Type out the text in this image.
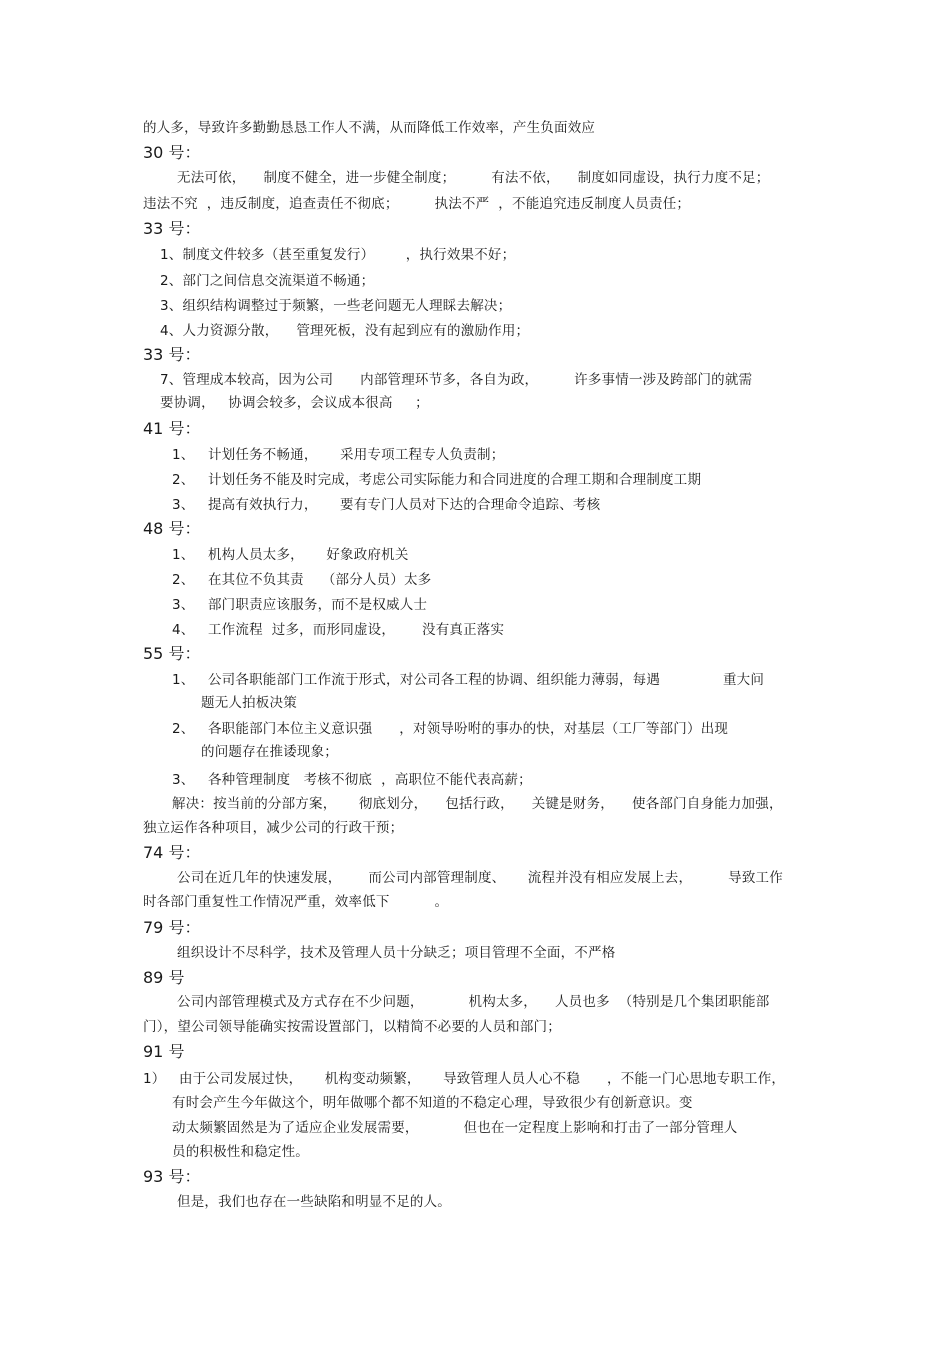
的人多，导致许多勤勤恳恳工作人不满，从而降低工作效率，产生负面效应
30 号：
无法可依，    制度不健全，进一步健全制度；        有法不依，    制度如同虚设，执行力度不足；
违法不究  ，违反制度，追查责任不彻底；        执法不严  ，不能追究违反制度人员责任；
33 号：
1、制度文件较多（甚至重复发行）       ，执行效果不好；
2、部门之间信息交流渠道不畅通；
3、组织结构调整过于频繁，一些老问题无人理睬去解决；
4、人力资源分散，    管理死板，没有起到应有的激励作用；
33 号：
7、管理成本较高，因为公司      内部管理环节多，各自为政，        许多事情一涉及跨部门的就需
要协调，   协调会较多，会议成本很高     ；
41 号：
1、   计划任务不畅通，     采用专项工程专人负责制；
2、   计划任务不能及时完成，考虑公司实际能力和合同进度的合理工期和合理制度工期
3、   提高有效执行力，     要有专门人员对下达的合理命令追踪、考核
48 号：
1、   机构人员太多，     好象政府机关
2、   在其位不负其责    （部分人员）太多
3、   部门职责应该服务，而不是权威人士
4、   工作流程  过多，而形同虚设，      没有真正落实
55 号：
1、   公司各职能部门工作流于形式，对公司各工程的协调、组织能力薄弱，每遇              重大问
题无人拍板决策
2、   各职能部门本位主义意识强      ，对领导吩咐的事办的快，对基层（工厂等部门）出现
的问题存在推诿现象；
3、   各种管理制度   考核不彻底  ，高职位不能代表高薪；
解决：按当前的分部方案，     彻底划分，    包括行政，    关键是财务，    使各部门自身能力加强，
独立运作各种项目，减少公司的行政干预；
74 号：
公司在近几年的快速发展，      而公司内部管理制度、     流程并没有相应发展上去，        导致工作
时各部门重复性工作情况严重，效率低下          。
79 号：
组织设计不尽科学，技术及管理人员十分缺乏；项目管理不全面，不严格
89 号
公司内部管理模式及方式存在不少问题，          机构太多，    人员也多  （特别是几个集团职能部
门），望公司领导能确实按需设置部门，以精简不必要的人员和部门；
91 号
1）   由于公司发展过快，     机构变动频繁，     导致管理人员人心不稳      ，不能一门心思地专职工作，
有时会产生今年做这个，明年做哪个都不知道的不稳定心理，导致很少有创新意识。变
动太频繁固然是为了适应企业发展需要，          但也在一定程度上影响和打击了一部分管理人
员的积极性和稳定性。
93 号：
但是，我们也存在一些缺陷和明显不足的人。
